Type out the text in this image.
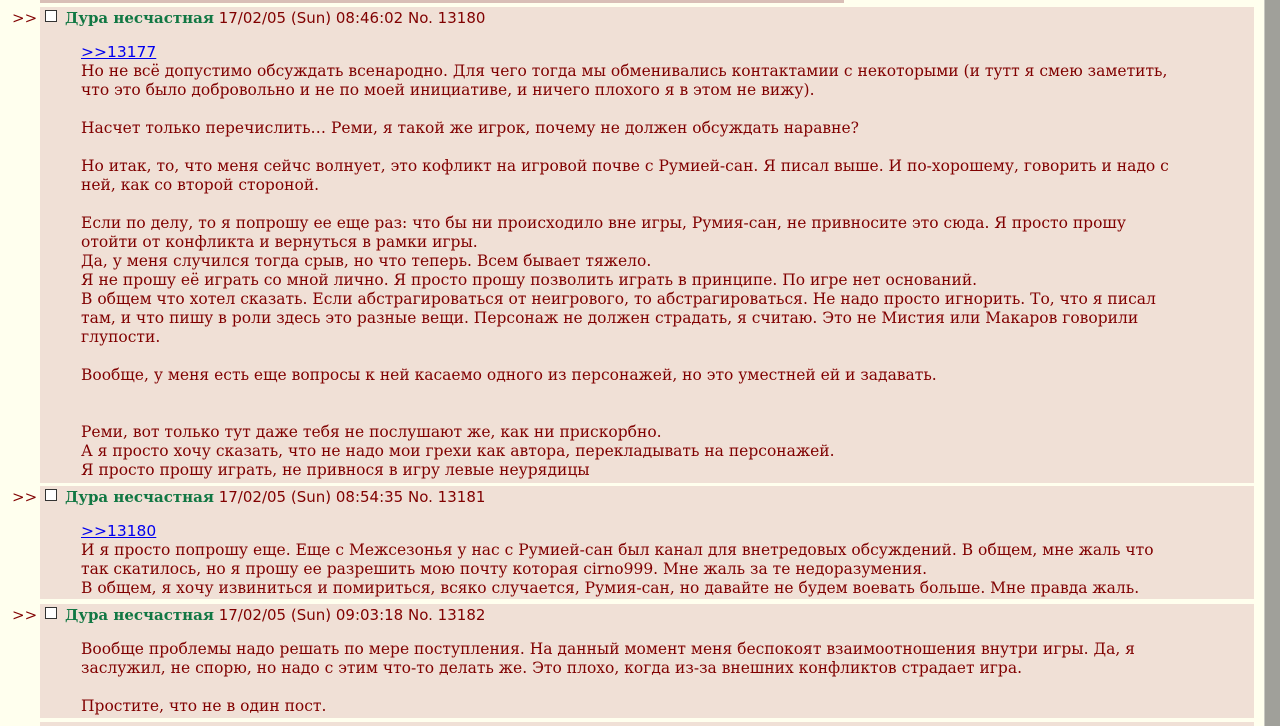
>>	Дура несчастная 17/02/05 (Sun) 08:46:02 No. 13180

>>13177

Но не всё допустимо обсуждать всенародно. Для чего тогда мы обменивались контактамии с некоторыми (и тутт я смею заметить,

что это было добровольно и не по моей инициативе, и ничего плохого я в этом не вижу).

Насчет только перечислить… Реми, я такой же игрок, почему не должен обсуждать наравне?

Но итак, то, что меня сейчс волнует, это кофликт на игровой почве с Румией-сан. Я писал выше. И по-хорошему, говорить и надо с

ней, как со второй стороной.

Если по делу, то я попрошу ее еще раз: что бы ни происходило вне игры, Румия-сан, не привносите это сюда. Я просто прошу

отойти от конфликта и вернуться в рамки игры.

Да, у меня случился тогда срыв, но что теперь. Всем бывает тяжело.

Я не прошу её играть со мной лично. Я просто прошу позволить играть в принципе. По игре нет оснований.

В общем что хотел сказать. Если абстрагироваться от неигрового, то абстрагироваться. Не надо просто игнорить. То, что я писал

там, и что пишу в роли здесь это разные вещи. Персонаж не должен страдать, я считаю. Это не Мистия или Макаров говорили

глупости.

Вообще, у меня есть еще вопросы к ней касаемо одного из персонажей, но это уместней ей и задавать.

Реми, вот только тут даже тебя не послушают же, как ни прискорбно.

А я просто хочу сказать, что не надо мои грехи как автора, перекладывать на персонажей.

Я просто прошу играть, не привнося в игру левые неурядицы

>>	Дура несчастная 17/02/05 (Sun) 08:54:35 No. 13181

>>13180

И я просто попрошу еще. Еще с Межсезонья у нас с Румией-сан был канал для внетредовых обсуждений. В общем, мне жаль что

так скатилось, но я прошу ее разрешить мою почту которая cirno999. Мне жаль за те недоразумения.

В общем, я хочу извиниться и помириться, всяко случается, Румия-сан, но давайте не будем воевать больше. Мне правда жаль.

>>	Дура несчастная 17/02/05 (Sun) 09:03:18 No. 13182

Вообще проблемы надо решать по мере поступления. На данный момент меня беспокоят взаимоотношения внутри игры. Да, я

заслужил, не спорю, но надо с этим что-то делать же. Это плохо, когда из-за внешних конфликтов страдает игра.

Простите, что не в один пост.
